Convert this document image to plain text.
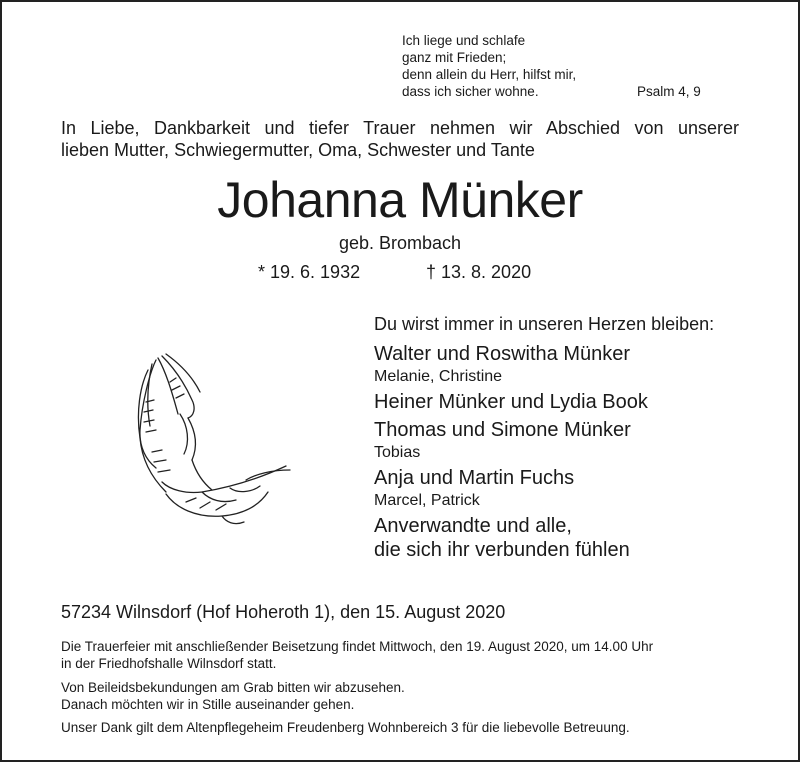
Ich liege und schlafe
ganz mit Frieden;
denn allein du Herr, hilfst mir,
dass ich sicher wohne.	Psalm 4, 9
In Liebe, Dankbarkeit und tiefer Trauer nehmen wir Abschied von unserer
lieben Mutter, Schwiegermutter, Oma, Schwester und Tante
Johanna Münker
geb. Brombach
* 19. 6. 1932	† 13. 8. 2020
Du wirst immer in unseren Herzen bleiben:
Walter und Roswitha Münker
Melanie, Christine
Heiner Münker und Lydia Book
Thomas und Simone Münker
Tobias
Anja und Martin Fuchs
Marcel, Patrick
Anverwandte und alle,
die sich ihr verbunden fühlen
57234 Wilnsdorf (Hof Hoheroth 1), den 15. August 2020
Die Trauerfeier mit anschließender Beisetzung findet Mittwoch, den 19. August 2020, um 14.00 Uhr
in der Friedhofshalle Wilnsdorf statt.
Von Beileidsbekundungen am Grab bitten wir abzusehen.
Danach möchten wir in Stille auseinander gehen.
Unser Dank gilt dem Altenpflegeheim Freudenberg Wohnbereich 3 für die liebevolle Betreuung.
